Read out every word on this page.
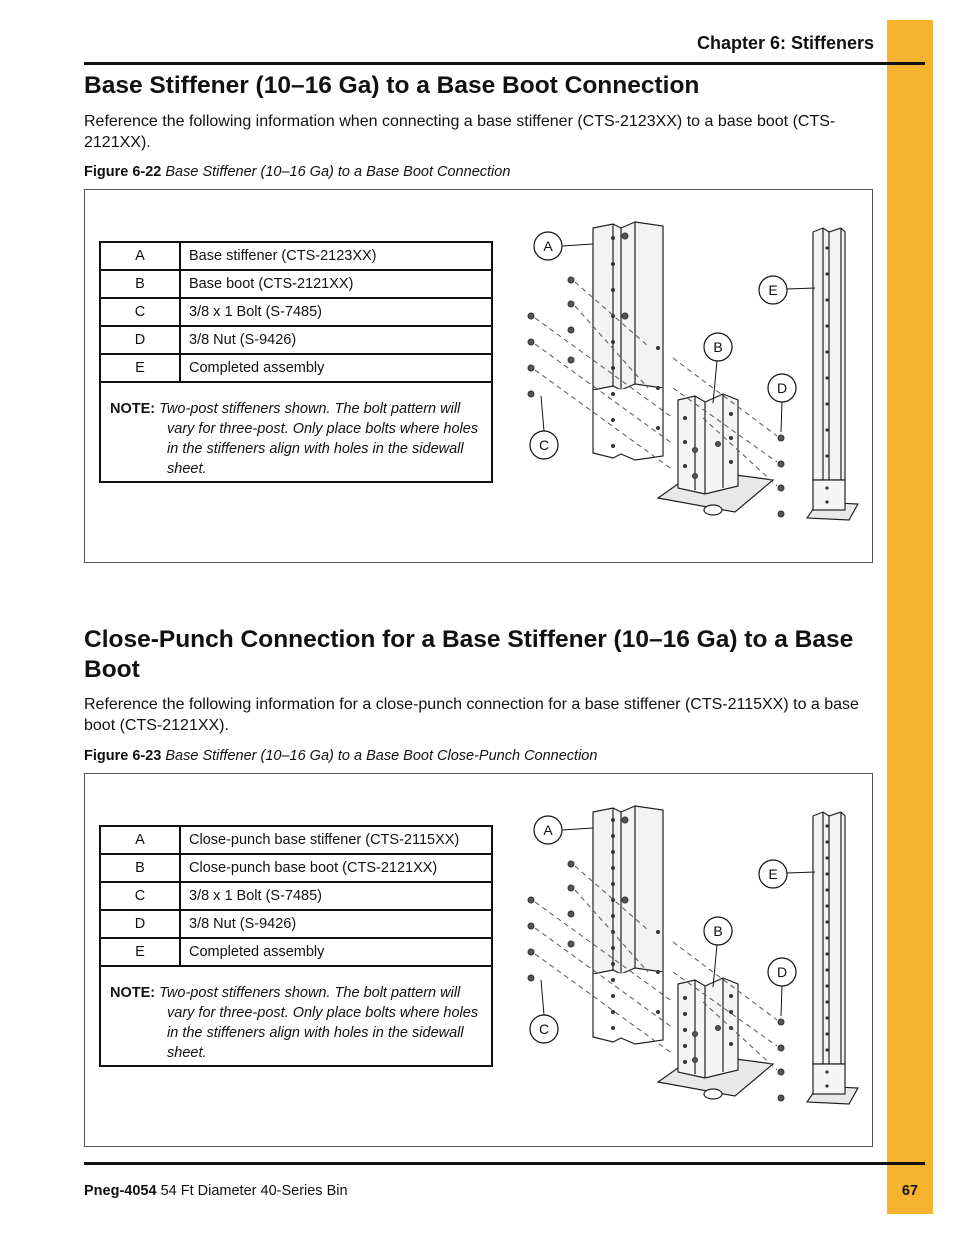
Chapter 6: Stiffeners
Base Stiffener (10–16 Ga) to a Base Boot Connection

Reference the following information when connecting a base stiffener (CTS-2123XX) to a base boot (CTS-2121XX).

Figure 6-22 Base Stiffener (10–16 Ga) to a Base Boot Connection

A	Base stiffener (CTS-2123XX)
B	Base boot (CTS-2121XX)
C	3/8 x 1 Bolt (S-7485)
D	3/8 Nut (S-9426)
E	Completed assembly
NOTE: Two-post stiffeners shown. The bolt pattern will
vary for three-post. Only place bolts where holes in the stiffeners align with holes in the sidewall sheet.
A
E
B
D
C
Close-Punch Connection for a Base Stiffener (10–16 Ga) to a Base Boot

Reference the following information for a close-punch connection for a base stiffener (CTS-2115XX) to a base boot (CTS-2121XX).

Figure 6-23 Base Stiffener (10–16 Ga) to a Base Boot Close-Punch Connection

A	Close-punch base stiffener (CTS-2115XX)
B	Close-punch base boot (CTS-2121XX)
C	3/8 x 1 Bolt (S-7485)
D	3/8 Nut (S-9426)
E	Completed assembly
NOTE: Two-post stiffeners shown. The bolt pattern will
vary for three-post. Only place bolts where holes in the stiffeners align with holes in the sidewall sheet.
A
E
B
D
C
Pneg-4054 54 Ft Diameter 40-Series Bin	67
